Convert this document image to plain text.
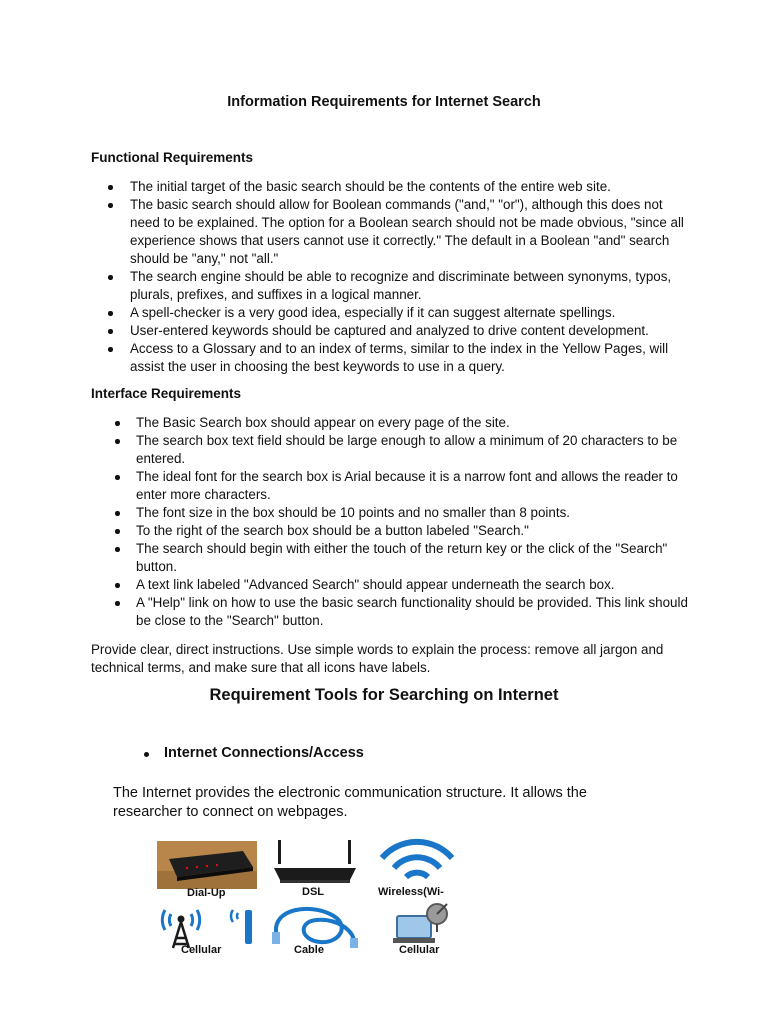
Information Requirements for Internet Search
Functional Requirements
The initial target of the basic search should be the contents of the entire web site.
The basic search should allow for Boolean commands ("and," "or"), although this does not need to be explained. The option for a Boolean search should not be made obvious, "since all experience shows that users cannot use it correctly." The default in a Boolean "and" search should be "any," not "all."
The search engine should be able to recognize and discriminate between synonyms, typos, plurals, prefixes, and suffixes in a logical manner.
A spell-checker is a very good idea, especially if it can suggest alternate spellings.
User-entered keywords should be captured and analyzed to drive content development.
Access to a Glossary and to an index of terms, similar to the index in the Yellow Pages, will assist the user in choosing the best keywords to use in a query.
Interface Requirements
The Basic Search box should appear on every page of the site.
The search box text field should be large enough to allow a minimum of 20 characters to be entered.
The ideal font for the search box is Arial because it is a narrow font and allows the reader to enter more characters.
The font size in the box should be 10 points and no smaller than 8 points.
To the right of the search box should be a button labeled "Search."
The search should begin with either the touch of the return key or the click of the "Search" button.
A text link labeled "Advanced Search" should appear underneath the search box.
A "Help" link on how to use the basic search functionality should be provided. This link should be close to the "Search" button.
Provide clear, direct instructions. Use simple words to explain the process: remove all jargon and technical terms, and make sure that all icons have labels.
Requirement Tools for Searching on Internet
Internet Connections/Access
The Internet provides the electronic communication structure. It allows the researcher to connect on webpages.
Dial-Up	DSL	Wireless(Wi-
Cellular	Cable	Cellular
